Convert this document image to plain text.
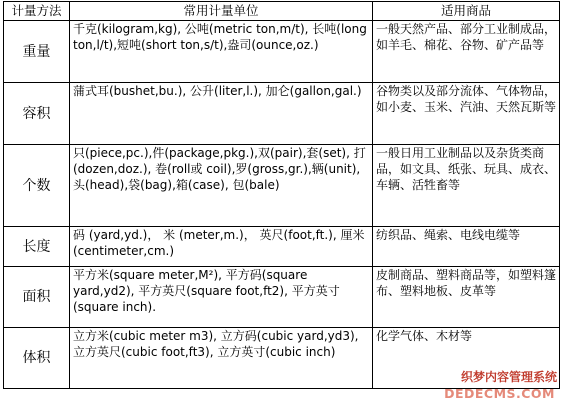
计量方法	常用计量单位	适用商品
重量	千克(kilogram,kg), 公吨(metric ton,m/t), 长吨(long ton,l/t),短吨(short ton,s/t),盎司(ounce,oz.)	一般天然产品、部分工业制成品，如羊毛、棉花、谷物、矿产品等
容积	蒲式耳(bushet,bu.), 公升(liter,l.), 加仑(gallon,gal.)	谷物类以及部分流体、气体物品，如小麦、玉米、汽油、天然瓦斯等
个数	只(piece,pc.),件(package,pkg.),双(pair),套(set), 打(dozen,doz.), 卷(roll或 coil),罗(gross,gr.),辆(unit),头(head),袋(bag),箱(case), 包(bale)	一般日用工业制品以及杂货类商品，如文具、纸张、玩具、成衣、车辆、活牲畜等
长度	码 (yard,yd.)， 米 (meter,m.)， 英尺(foot,ft.), 厘米(centimeter,cm.)	纺织品、绳索、电线电缆等
面积	平方米(square meter,M²), 平方码(square yard,yd2), 平方英尺(square foot,ft2), 平方英寸(square inch).	皮制商品、塑料商品等，如塑料篷布、塑料地板、皮革等
体积	立方米(cubic meter m3), 立方码(cubic yard,yd3), 立方英尺(cubic foot,ft3), 立方英寸(cubic inch)	化学气体、木材等
织梦内容管理系统
DEDECMS.COM
